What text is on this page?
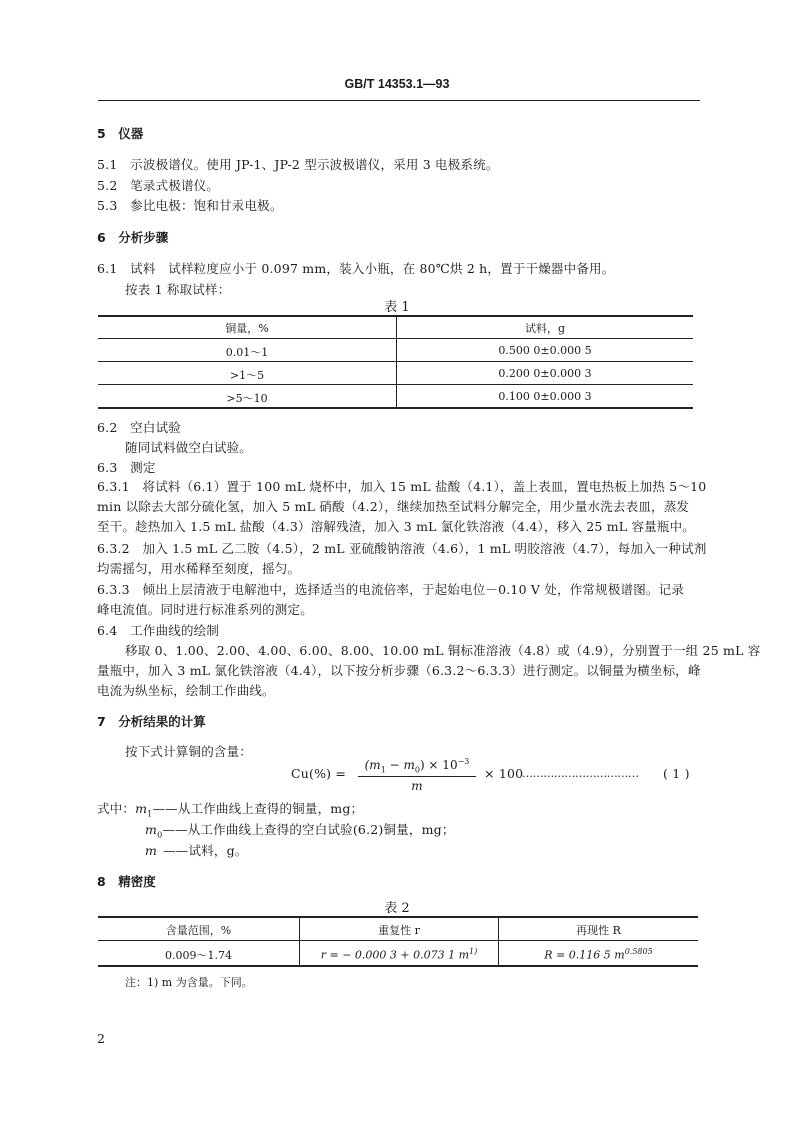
GB/T 14353.1—93
5　仪器
5.1　示波极谱仪。使用 JP-1、JP-2 型示波极谱仪，采用 3 电极系统。
5.2　笔录式极谱仪。
5.3　参比电极：饱和甘汞电极。
6　分析步骤
6.1　试料　试样粒度应小于 0.097 mm，装入小瓶，在 80℃烘 2 h，置于干燥器中备用。
按表 1 称取试样：
表 1
铜量，%	试料，g
0.01～1	0.500 0±0.000 5
>1～5	0.200 0±0.000 3
>5～10	0.100 0±0.000 3
6.2　空白试验
随同试料做空白试验。
6.3　测定
6.3.1　将试料（6.1）置于 100 mL 烧杯中，加入 15 mL 盐酸（4.1），盖上表皿，置电热板上加热 5～10
min 以除去大部分硫化氢，加入 5 mL 硝酸（4.2），继续加热至试料分解完全，用少量水洗去表皿，蒸发
至干。趁热加入 1.5 mL 盐酸（4.3）溶解残渣，加入 3 mL 氯化铁溶液（4.4），移入 25 mL 容量瓶中。
6.3.2　加入 1.5 mL 乙二胺（4.5），2 mL 亚硫酸钠溶液（4.6），1 mL 明胶溶液（4.7），每加入一种试剂
均需摇匀，用水稀释至刻度，摇匀。
6.3.3　倾出上层清液于电解池中，选择适当的电流倍率，于起始电位－0.10 V 处，作常规极谱图。记录
峰电流值。同时进行标准系列的测定。
6.4　工作曲线的绘制
移取 0、1.00、2.00、4.00、6.00、8.00、10.00 mL 铜标准溶液（4.8）或（4.9），分别置于一组 25 mL 容
量瓶中，加入 3 mL 氯化铁溶液（4.4），以下按分析步骤（6.3.2～6.3.3）进行测定。以铜量为横坐标，峰
电流为纵坐标，绘制工作曲线。
7　分析结果的计算
按下式计算铜的含量：
Cu(%) =
$(m_1 - m_0) \times 10^{-3}$
m
× 100
…………………………… ( 1 )
式中：$m_1——$从工作曲线上查得的铜量，mg；
$m_0——$从工作曲线上查得的空白试验(6.2)铜量，mg；
m ——试料，g。
8　精密度
表 2
含量范围，%	重复性 r	再现性 R
0.009～1.74	r = − 0.000 3 + 0.073 1 $m^{1)}$	R = 0.116 5 $m^{0.5805}$
注：1) m 为含量。下同。
2
